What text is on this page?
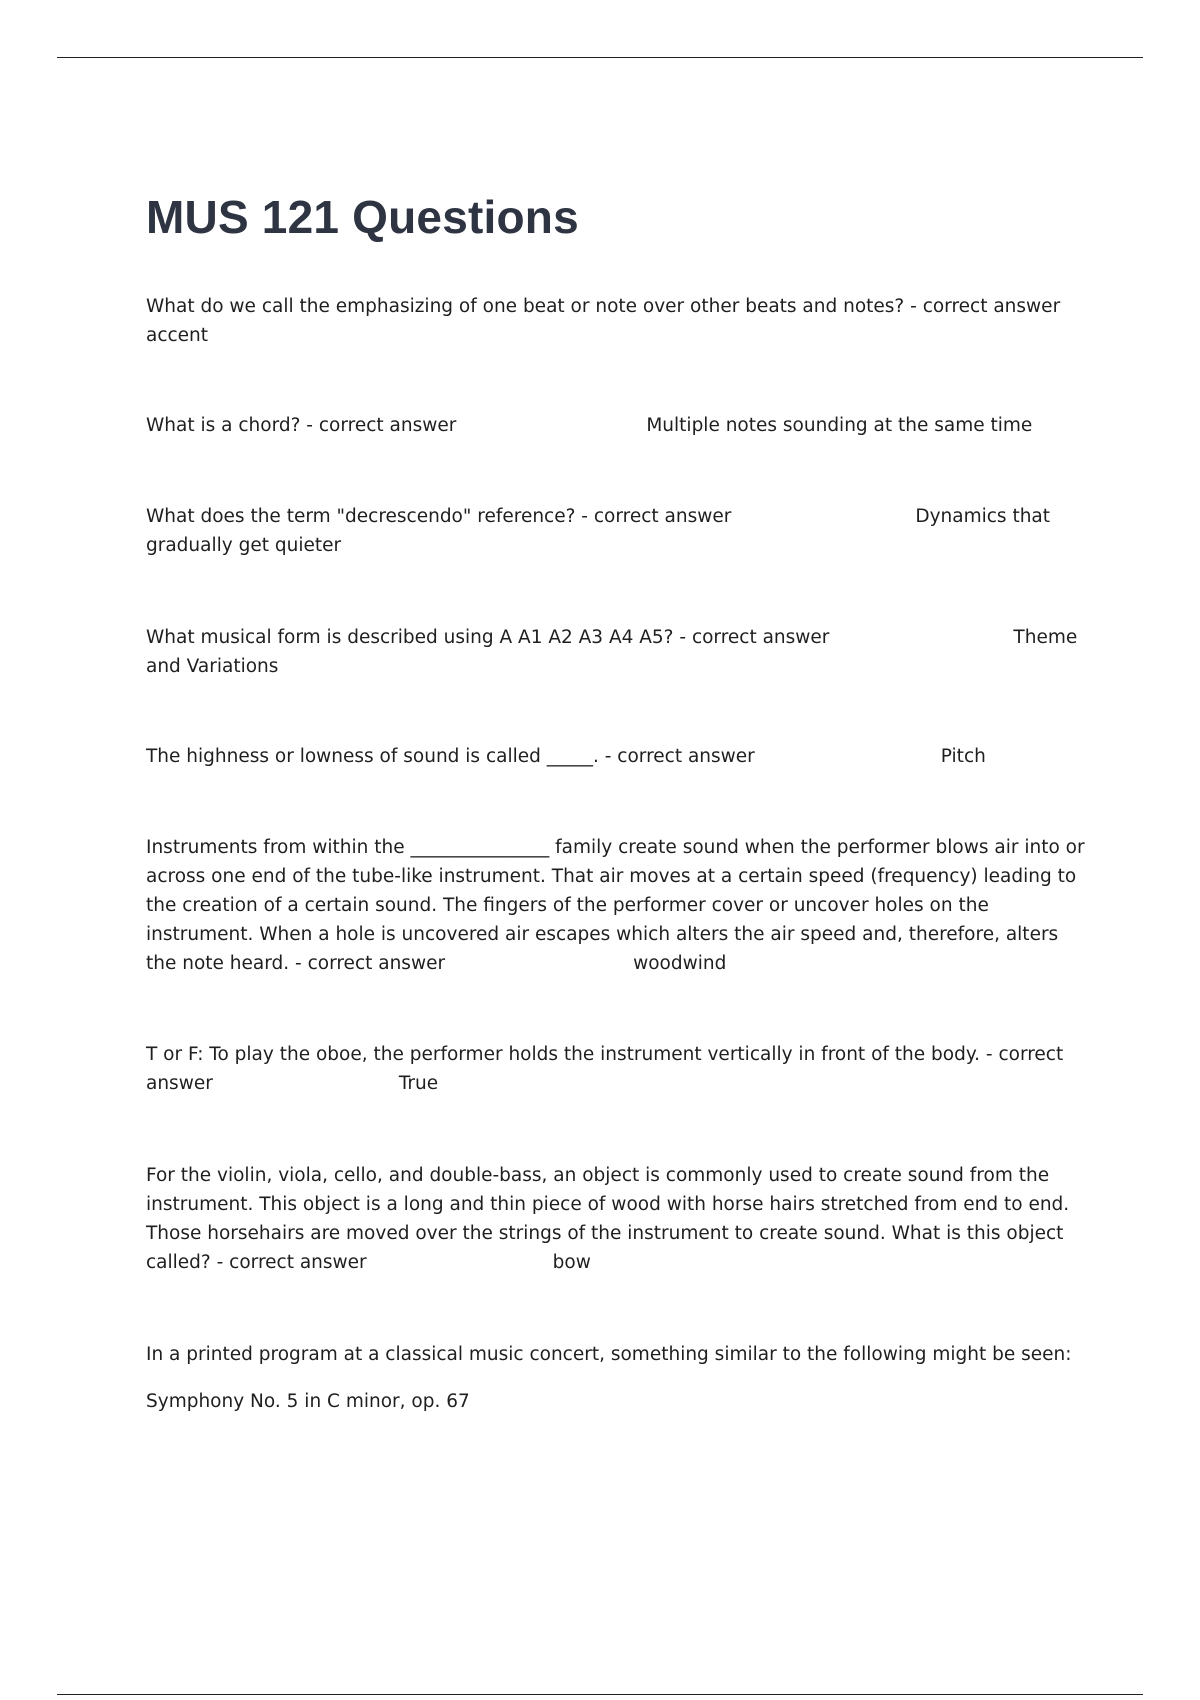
MUS 121 Questions

What do we call the emphasizing of one beat or note over other beats and notes? - correct answer accent

What is a chord? - correct answer	Multiple notes sounding at the same time

What does the term "decrescendo" reference? - correct answer	Dynamics that gradually get quieter

What musical form is described using A A1 A2 A3 A4 A5? - correct answer	Theme and Variations

The highness or lowness of sound is called _____. - correct answer	Pitch

Instruments from within the _______________ family create sound when the performer blows air into or across one end of the tube-like instrument. That air moves at a certain speed (frequency) leading to the creation of a certain sound. The fingers of the performer cover or uncover holes on the instrument. When a hole is uncovered air escapes which alters the air speed and, therefore, alters the note heard. - correct answer	woodwind

T or F: To play the oboe, the performer holds the instrument vertically in front of the body. - correct answer	True

For the violin, viola, cello, and double-bass, an object is commonly used to create sound from the instrument. This object is a long and thin piece of wood with horse hairs stretched from end to end. Those horsehairs are moved over the strings of the instrument to create sound. What is this object called? - correct answer	bow

In a printed program at a classical music concert, something similar to the following might be seen:

Symphony No. 5 in C minor, op. 67
